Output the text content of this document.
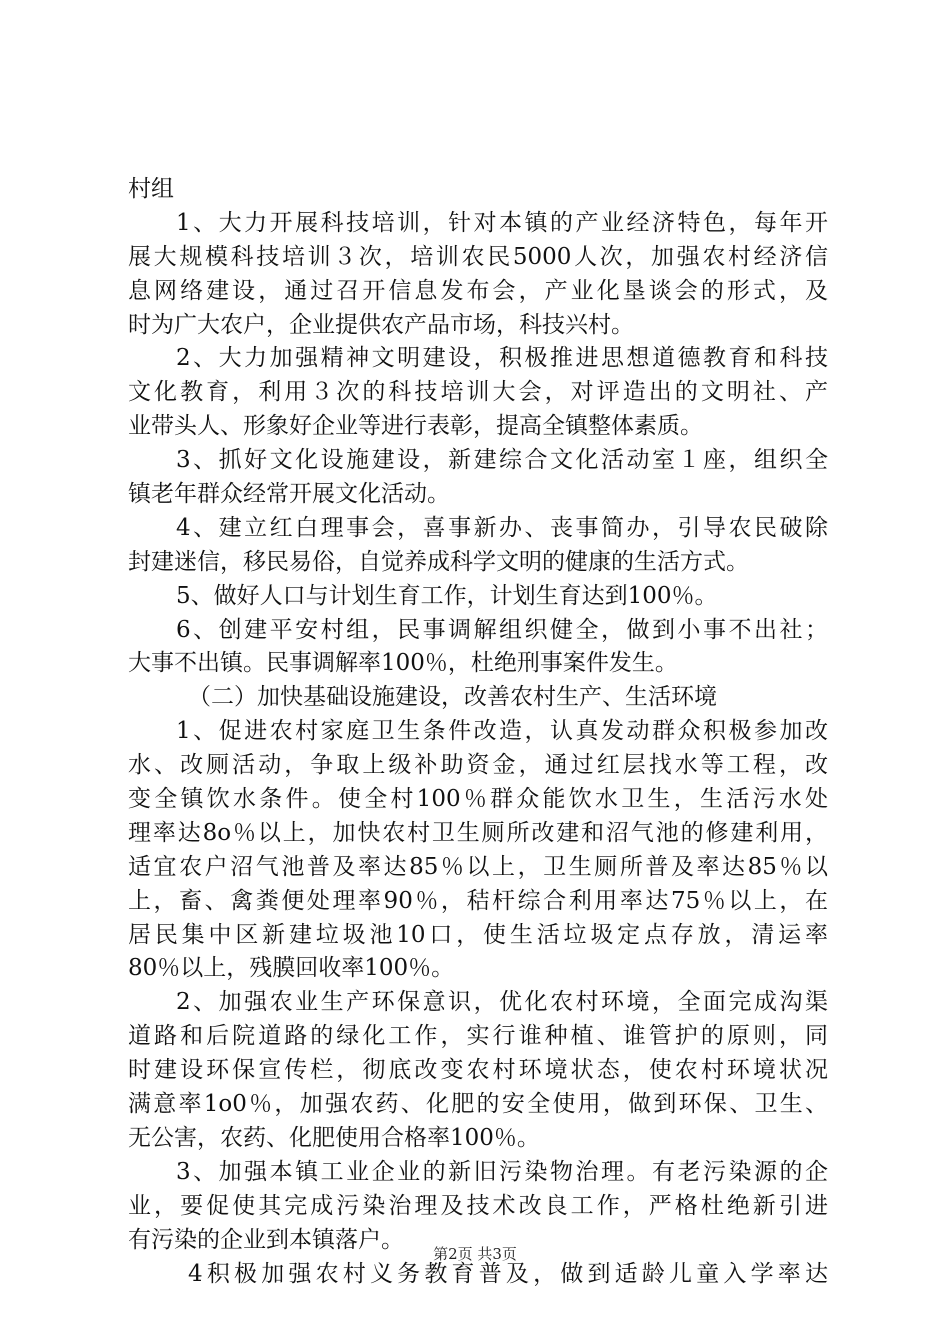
村组
1、大力开展科技培训，针对本镇的产业经济特色，每年开
展大规模科技培训３次，培训农民5000人次，加强农村经济信
息网络建设，通过召开信息发布会，产业化垦谈会的形式，及
时为广大农户，企业提供农产品市场，科技兴村。
2、大力加强精神文明建设，积极推进思想道德教育和科技
文化教育，利用３次的科技培训大会，对评造出的文明社、产
业带头人、形象好企业等进行表彰，提高全镇整体素质。
3、抓好文化设施建设，新建综合文化活动室１座，组织全
镇老年群众经常开展文化活动。
4、建立红白理事会，喜事新办、丧事简办，引导农民破除
封建迷信，移民易俗，自觉养成科学文明的健康的生活方式。
5、做好人口与计划生育工作，计划生育达到100％。
6、创建平安村组，民事调解组织健全，做到小事不出社；
大事不出镇。民事调解率100％，杜绝刑事案件发生。
（二）加快基础设施建设，改善农村生产、生活环境
1、促进农村家庭卫生条件改造，认真发动群众积极参加改
水、改厕活动，争取上级补助资金，通过红层找水等工程，改
变全镇饮水条件。使全村100％群众能饮水卫生，生活污水处
理率达8o％以上，加快农村卫生厕所改建和沼气池的修建利用，
适宜农户沼气池普及率达85％以上，卫生厕所普及率达85％以
上，畜、禽粪便处理率90％，秸杆综合利用率达75％以上，在
居民集中区新建垃圾池10口，使生活垃圾定点存放，清运率
80％以上，残膜回收率100％。
2、加强农业生产环保意识，优化农村环境，全面完成沟渠
道路和后院道路的绿化工作，实行谁种植、谁管护的原则，同
时建设环保宣传栏，彻底改变农村环境状态，使农村环境状况
满意率1o0％，加强农药、化肥的安全使用，做到环保、卫生、
无公害，农药、化肥使用合格率100％。
3、加强本镇工业企业的新旧污染物治理。有老污染源的企
业，要促使其完成污染治理及技术改良工作，严格杜绝新引进
有污染的企业到本镇落户。
4积极加强农村义务教育普及，做到适龄儿童入学率达
第2页 共3页
